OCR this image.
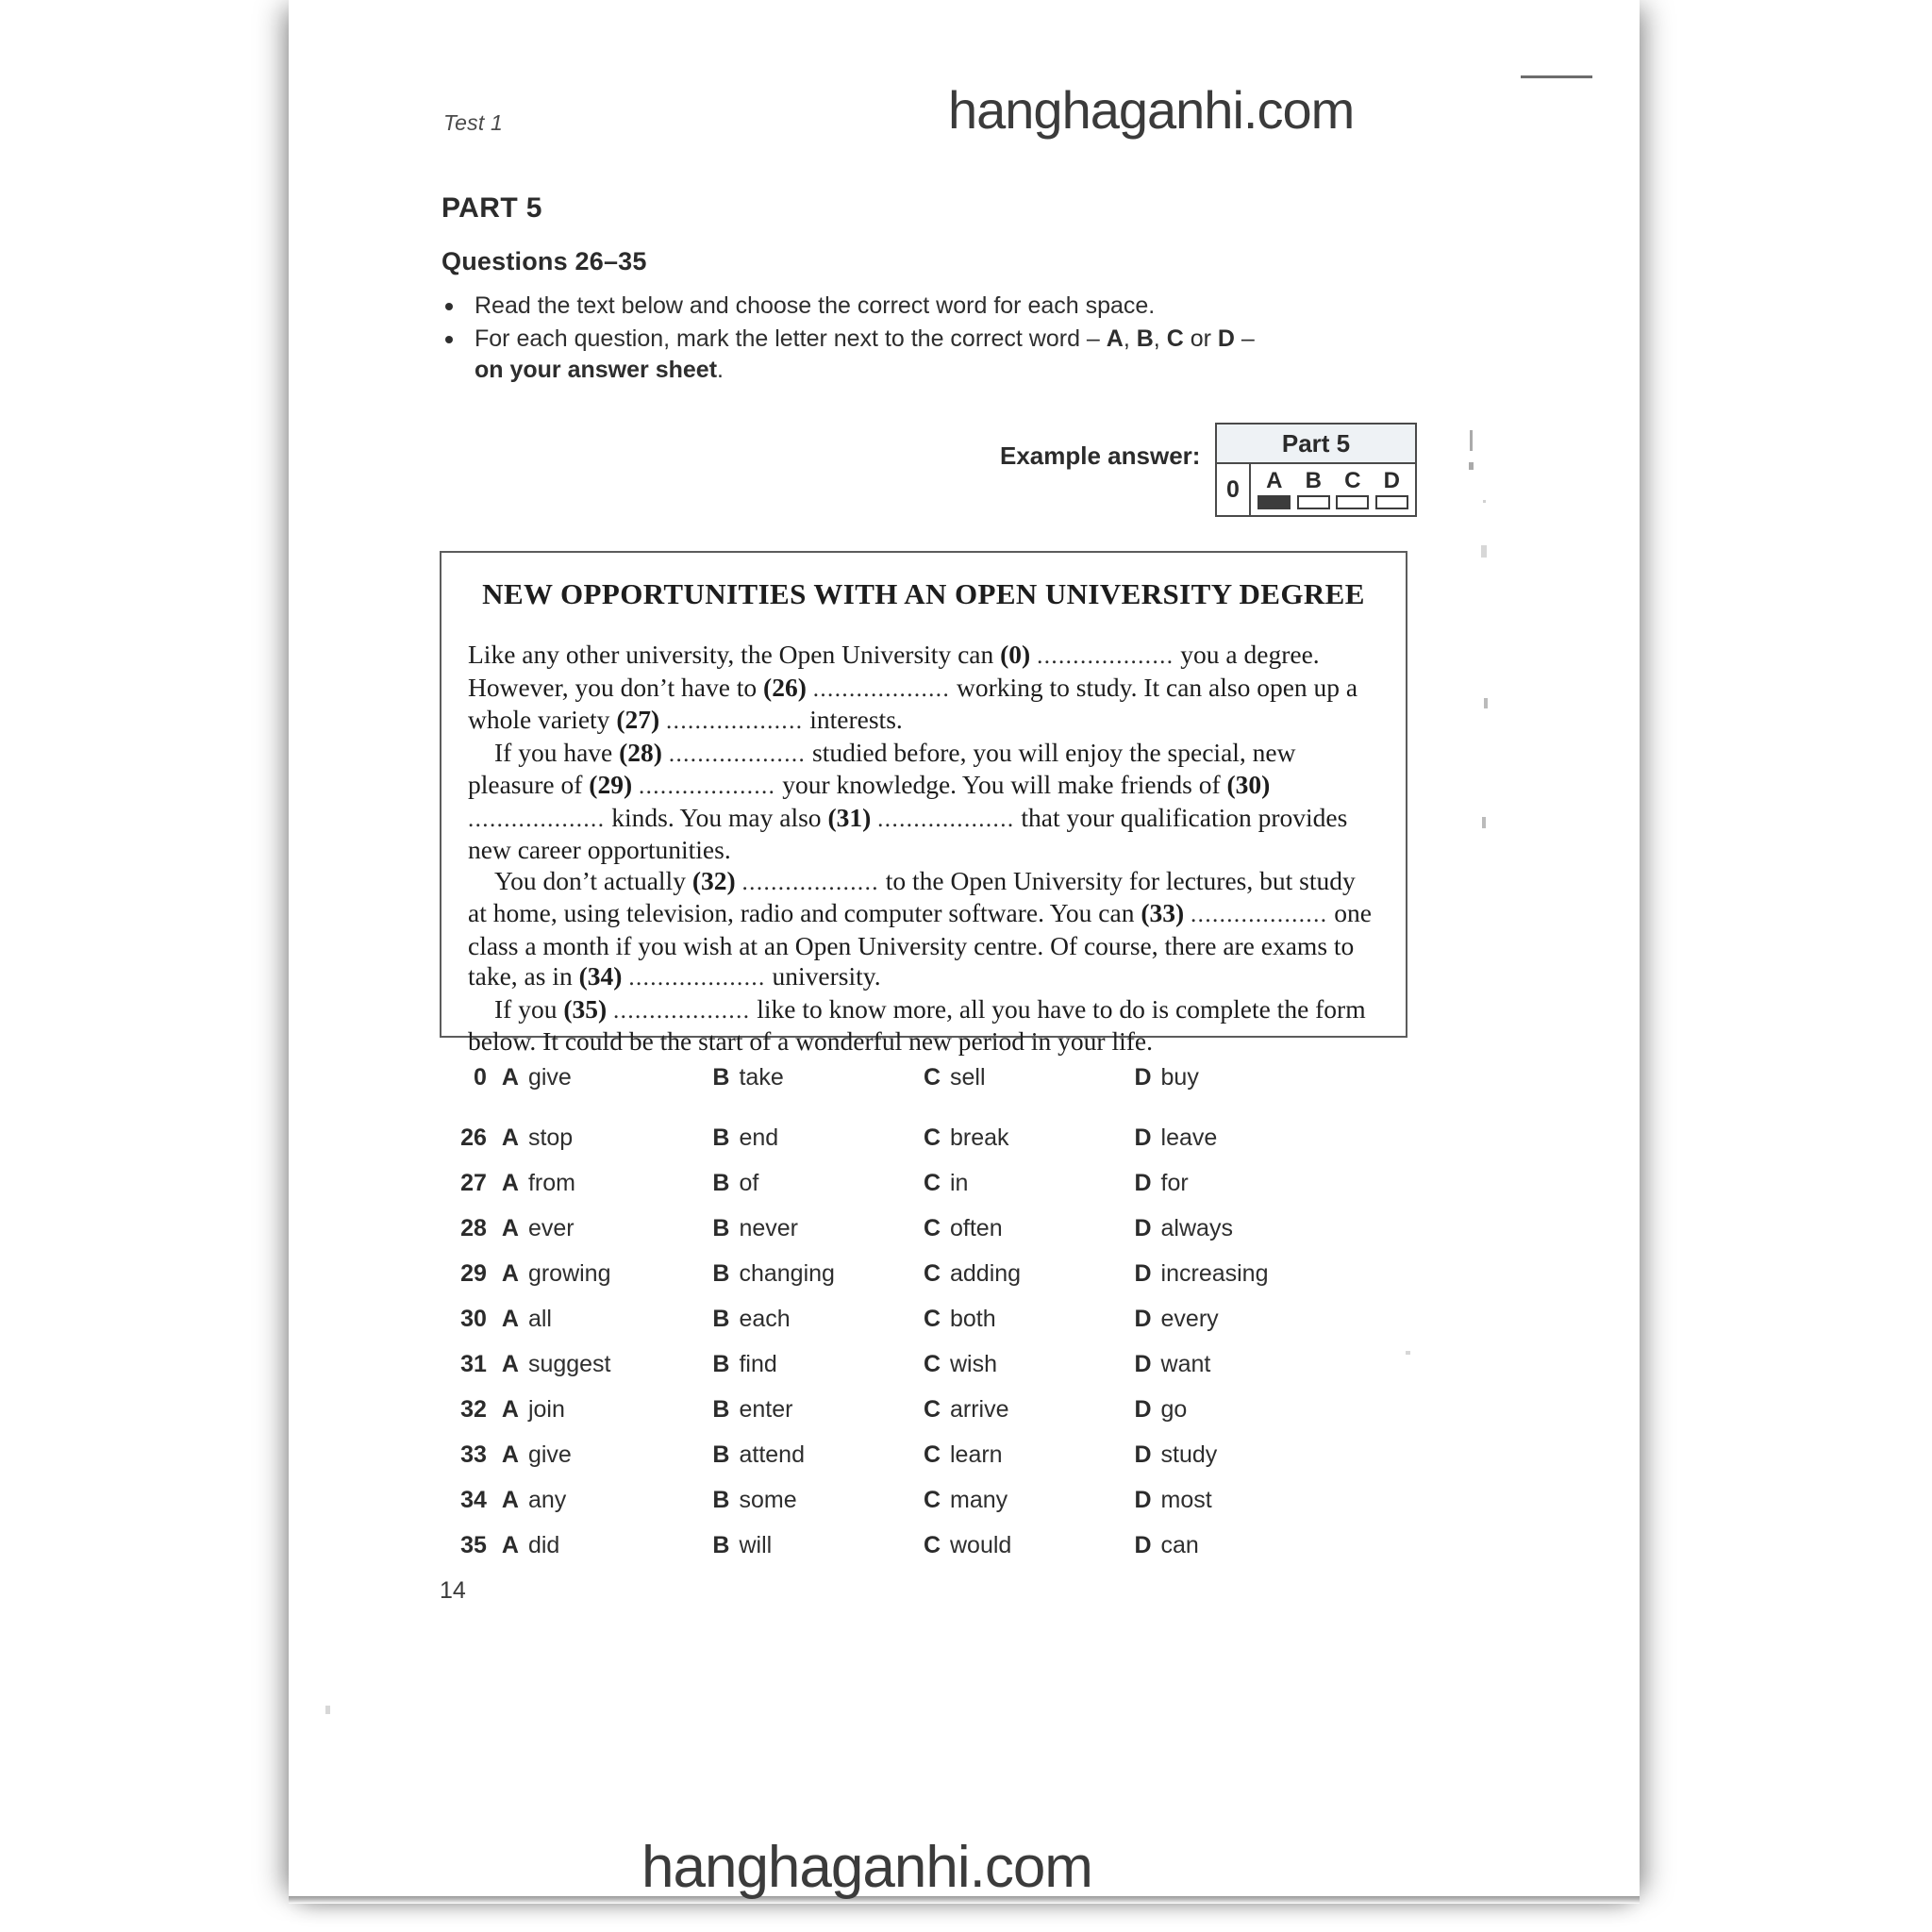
Test 1
PART 5
Questions 26–35
Read the text below and choose the correct word for each space.
For each question, mark the letter next to the correct word – A, B, C or D –
on your answer sheet.
Example answer:	Part 5
0	A B C D
NEW OPPORTUNITIES WITH AN OPEN UNIVERSITY DEGREE

Like any other university, the Open University can (0) ................... you a degree. However, you don’t have to (26) ................... working to study. It can also open up a whole variety (27) ................... interests.

If you have (28) ................... studied before, you will enjoy the special, new pleasure of (29) ................... your knowledge. You will make friends of (30) ................... kinds. You may also (31) ................... that your qualification provides new career opportunities.

You don’t actually (32) ................... to the Open University for lectures, but study at home, using television, radio and computer software. You can (33) ................... one class a month if you wish at an Open University centre. Of course, there are exams to take, as in (34) ................... university.

If you (35) ................... like to know more, all you have to do is complete the form below. It could be the start of a wonderful new period in your life.

0 A give	B take	C sell	D buy
26 A stop	B end	C break	D leave
27 A from	B of	C in	D for
28 A ever	B never	C often	D always
29 A growing	B changing	C adding	D increasing
30 A all	B each	C both	D every
31 A suggest	B find	C wish	D want
32 A join	B enter	C arrive	D go
33 A give	B attend	C learn	D study
34 A any	B some	C many	D most
35 A did	B will	C would	D can
14
hanghaganhi.com
hanghaganhi.com
